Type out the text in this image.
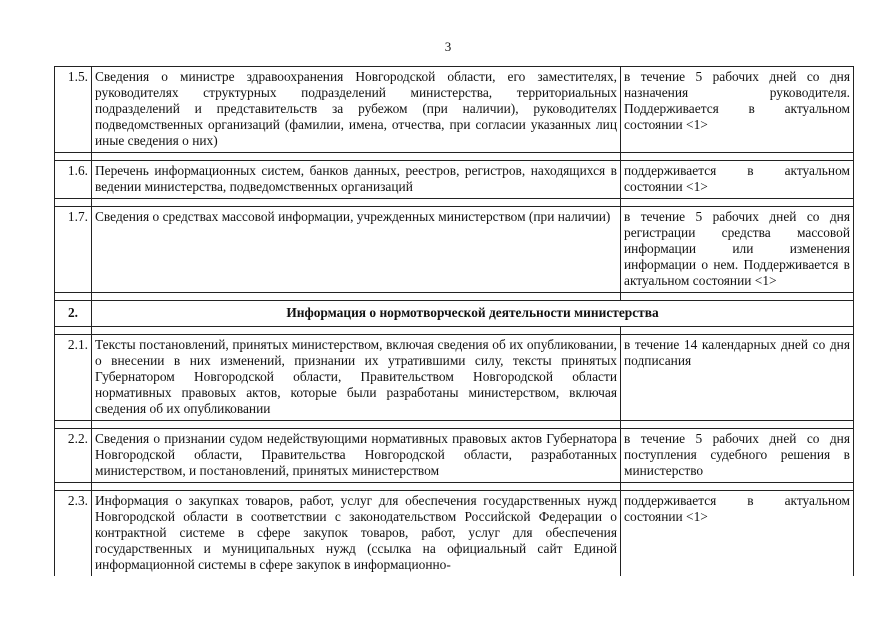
3
1.5.	Сведения о министре здравоохранения Новгородской области, его заместителях, руководителях структурных подразделений министерства, территориальных подразделений и представительств за рубежом (при наличии), руководителях подведомственных организаций (фамилии, имена, отчества, при согласии указанных лиц иные сведения о них)	в течение 5 рабочих дней со дня назначения руководителя. Поддерживается в актуальном состоянии <1>

1.6.	Перечень информационных систем, банков данных, реестров, регистров, находящихся в ведении министерства, подведомственных организаций	поддерживается в актуальном состоянии <1>

1.7.	Сведения о средствах массовой информации, учрежденных министерством (при наличии)	в течение 5 рабочих дней со дня регистрации средства массовой информации или изменения информации о нем. Поддерживается в актуальном состоянии <1>

2.	Информация о нормотворческой деятельности министерства	

2.1.	Тексты постановлений, принятых министерством, включая сведения об их опубликовании, о внесении в них изменений, признании их утратившими силу, тексты принятых Губернатором Новгородской области, Правительством Новгородской области нормативных правовых актов, которые были разработаны министерством, включая сведения об их опубликовании	в течение 14 календарных дней со дня подписания

2.2.	Сведения о признании судом недействующими нормативных правовых актов Губернатора Новгородской области, Правительства Новгородской области, разработанных министерством, и постановлений, принятых министерством	в течение 5 рабочих дней со дня поступления судебного решения в министерство

2.3.	Информация о закупках товаров, работ, услуг для обеспечения государственных нужд Новгородской области в соответствии с законодательством Российской Федерации о контрактной системе в сфере закупок товаров, работ, услуг для обеспечения государственных и муниципальных нужд (ссылка на официальный сайт Единой информационной системы в сфере закупок в информационно-	поддерживается в актуальном состоянии <1>
